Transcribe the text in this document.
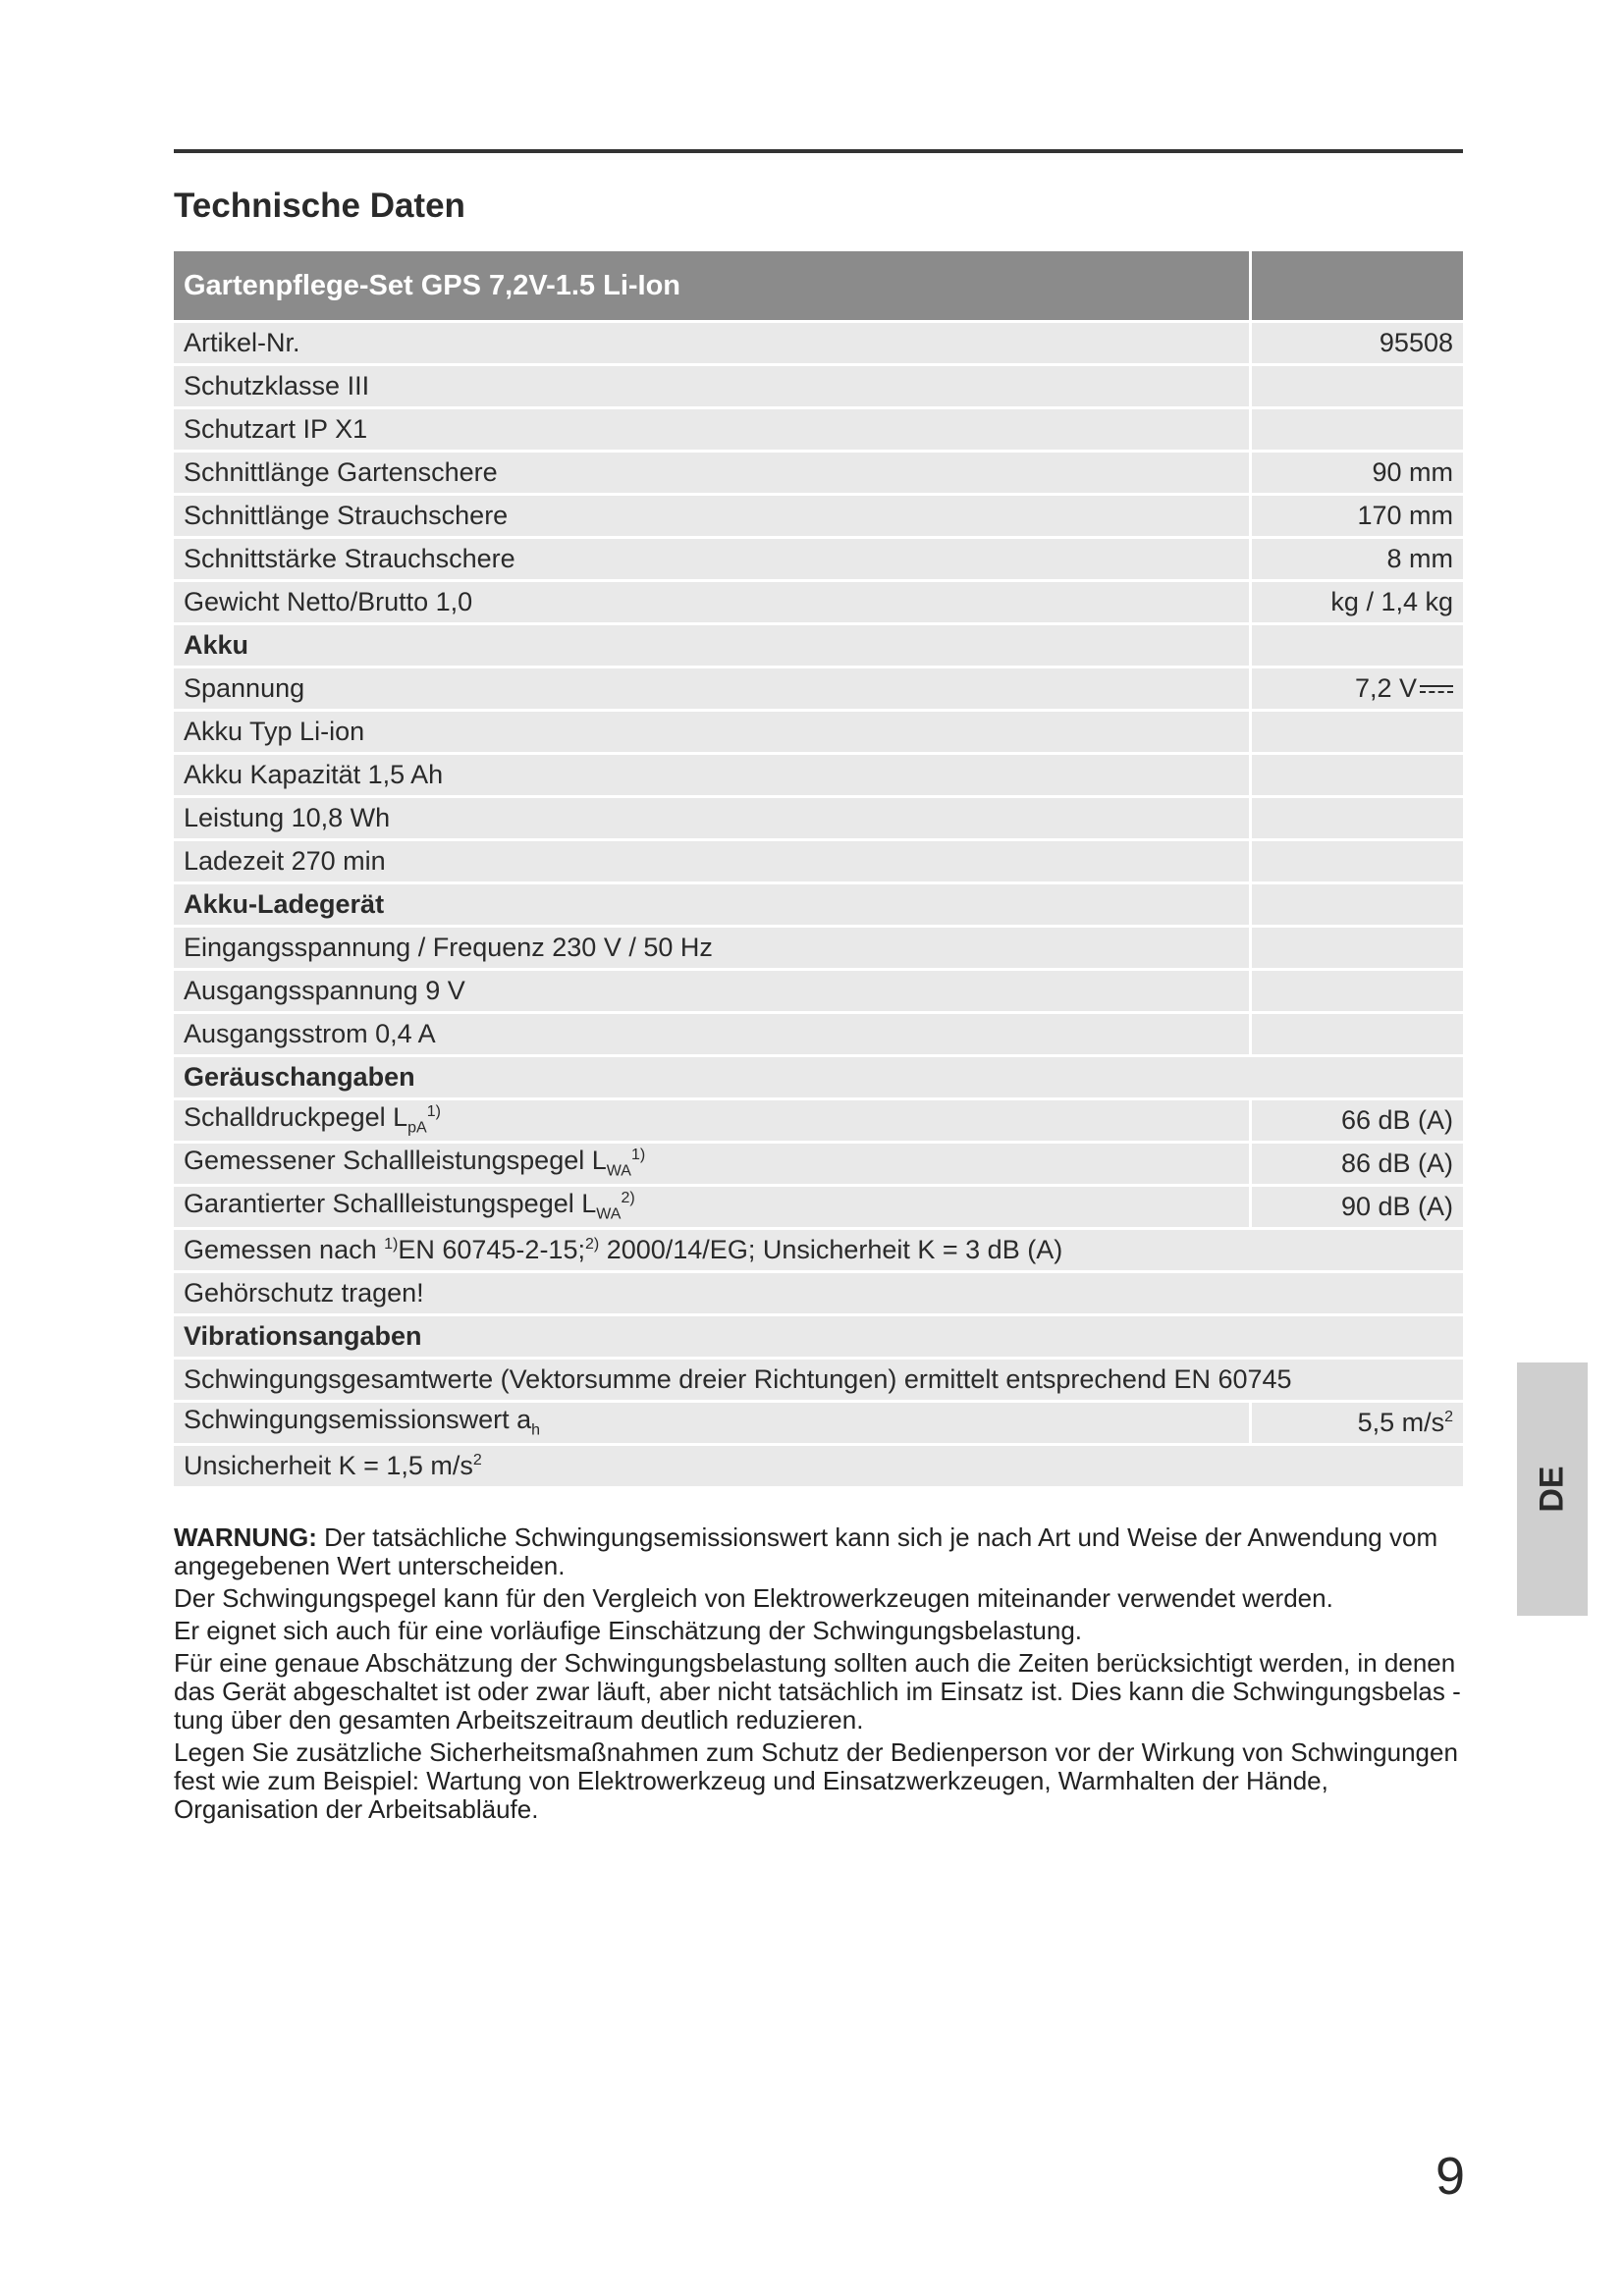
Technische Daten
Gartenpflege-Set GPS 7,2V-1.5 Li-Ion	
Artikel-Nr.	95508
Schutzklasse III	
Schutzart IP X1	
Schnittlänge Gartenschere	90 mm
Schnittlänge Strauchschere	170 mm
Schnittstärke Strauchschere	8 mm
Gewicht Netto/Brutto 1,0	kg / 1,4 kg
Akku	
Spannung	7,2 V

Akku Typ Li-ion	
Akku Kapazität 1,5 Ah	
Leistung 10,8 Wh	
Ladezeit 270 min	
Akku-Ladegerät	
Eingangsspannung / Frequenz 230 V / 50 Hz	
Ausgangsspannung 9 V	
Ausgangsstrom 0,4 A	
Geräuschangaben	
Schalldruckpegel $L_{pA}^{1)}$	66 dB (A)
Gemessener Schallleistungspegel $L_{WA}^{1)}$	86 dB (A)
Garantierter Schallleistungspegel $L_{WA}^{2)}$	90 dB (A)
Gemessen nach $^{1)}$EN 60745-2-15;$^{2)}$ 2000/14/EG; Unsicherheit K = 3 dB (A)	
Gehörschutz tragen!	
Vibrationsangaben	
Schwingungsgesamtwerte (Vektorsumme dreier Richtungen) ermittelt entsprechend EN 60745	
Schwingungsemissionswert $a_h$	5,5 $m/s^2$
Unsicherheit K = 1,5 $m/s^2$

WARNUNG: Der tatsächliche Schwingungsemissionswert kann sich je nach Art und Weise der Anwendung vom angegebenen Wert unterscheiden.

Der Schwingungspegel kann für den Vergleich von Elektrowerkzeugen miteinander verwendet werden.

Er eignet sich auch für eine vorläufige Einschätzung der Schwingungsbelastung.

Für eine genaue Abschätzung der Schwingungsbelastung sollten auch die Zeiten berücksichtigt werden, in denen das Gerät abgeschaltet ist oder zwar läuft, aber nicht tatsächlich im Einsatz ist. Dies kann die Schwingungsbelas - tung über den gesamten Arbeitszeitraum deutlich reduzieren.

Legen Sie zusätzliche Sicherheitsmaßnahmen zum Schutz der Bedienperson vor der Wirkung von Schwingungen fest wie zum Beispiel: Wartung von Elektrowerkzeug und Einsatzwerkzeugen, Warmhalten der Hände, Organisation der Arbeitsabläufe.

DE
9
